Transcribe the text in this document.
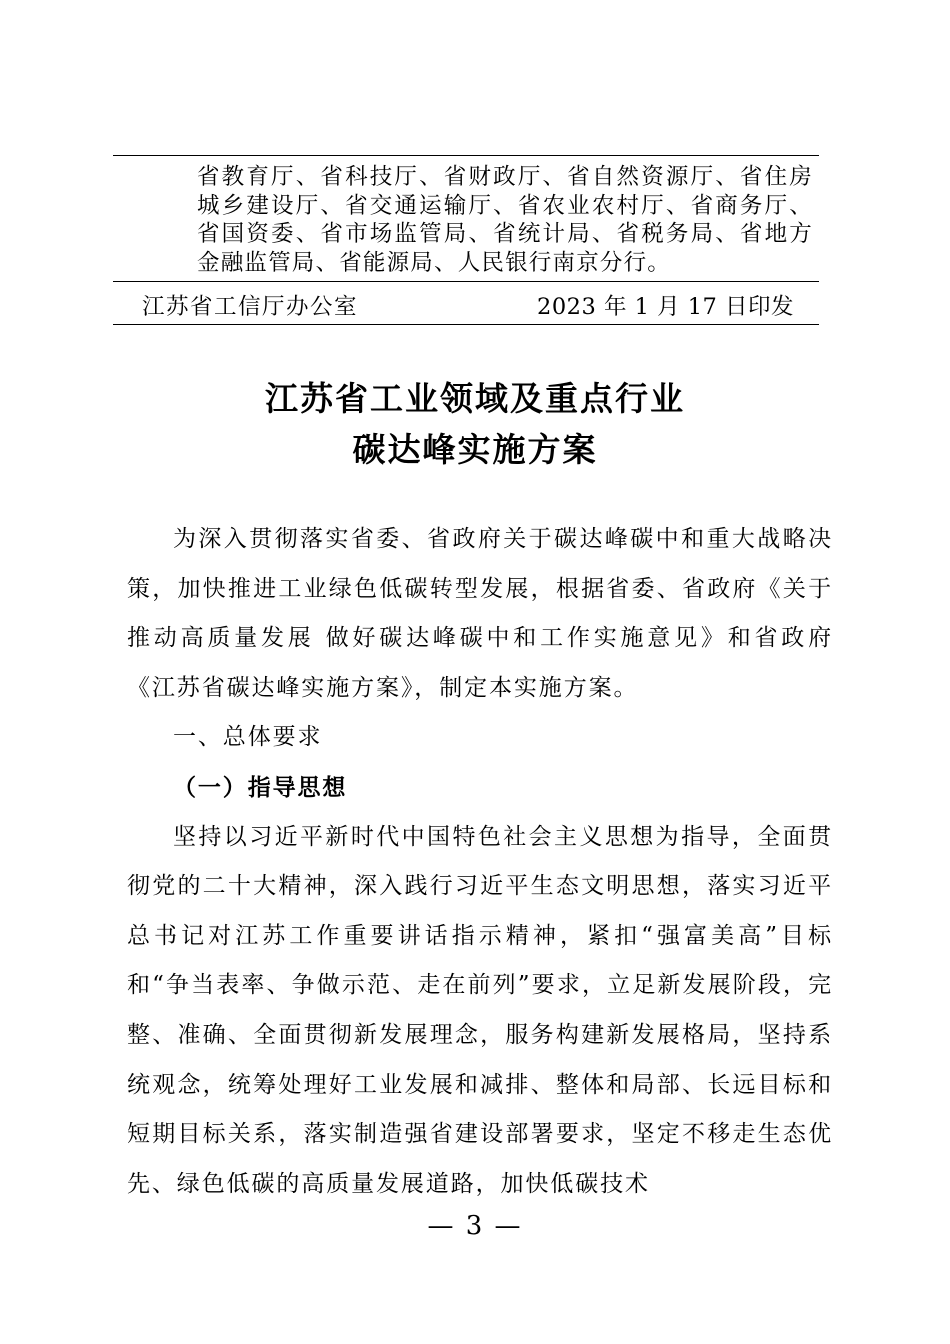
省教育厅、省科技厅、省财政厅、省自然资源厅、省住房城乡建设厅、省交通运输厅、省农业农村厅、省商务厅、省国资委、省市场监管局、省统计局、省税务局、省地方金融监管局、省能源局、人民银行南京分行。
江苏省工信厅办公室	2023 年 1 月 17 日印发
江苏省工业领域及重点行业
碳达峰实施方案

为深入贯彻落实省委、省政府关于碳达峰碳中和重大战略决策，加快推进工业绿色低碳转型发展，根据省委、省政府《关于推动高质量发展 做好碳达峰碳中和工作实施意见》和省政府《江苏省碳达峰实施方案》，制定本实施方案。

一、总体要求

（一）指导思想

坚持以习近平新时代中国特色社会主义思想为指导，全面贯彻党的二十大精神，深入践行习近平生态文明思想，落实习近平总书记对江苏工作重要讲话指示精神，紧扣“强富美高”目标和“争当表率、争做示范、走在前列”要求，立足新发展阶段，完整、准确、全面贯彻新发展理念，服务构建新发展格局，坚持系统观念，统筹处理好工业发展和减排、整体和局部、长远目标和短期目标关系，落实制造强省建设部署要求，坚定不移走生态优先、绿色低碳的高质量发展道路，加快低碳技术

— 3 —
